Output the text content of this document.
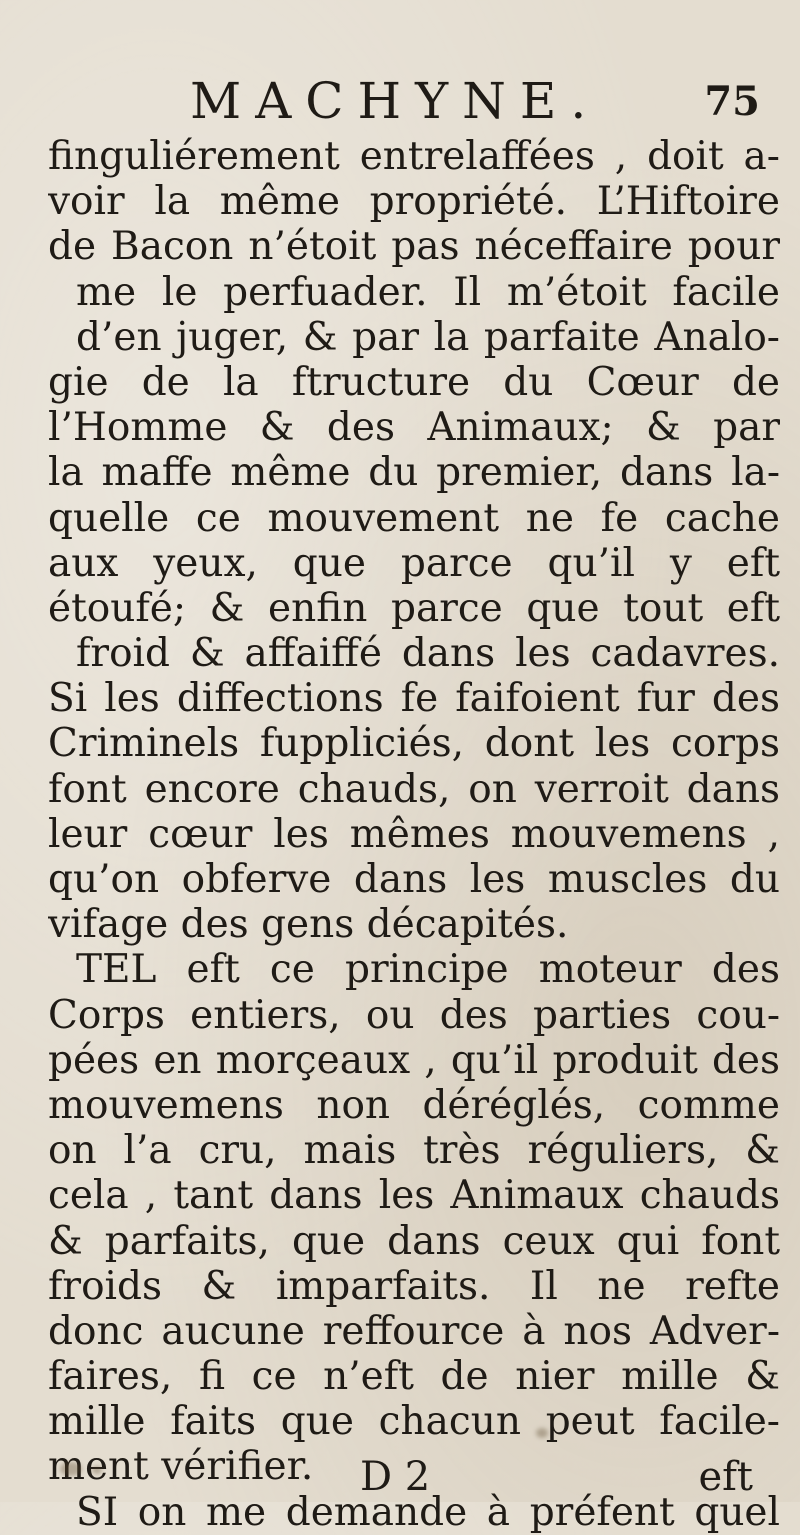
MACHYNE.	75
finguliérement entrelaffées , doit a-
voir la même propriété. L’Hiftoire
de Bacon n’étoit pas néceffaire pour
me le perfuader. Il m’étoit facile
d’en juger, & par la parfaite Analo-
gie de la ftructure du Cœur de
l’Homme & des Animaux; & par
la maffe même du premier, dans la-
quelle ce mouvement ne fe cache
aux yeux, que parce qu’il y eft
étoufé; & enfin parce que tout eft
froid & affaiffé dans les cadavres.
Si les diffections fe faifoient fur des
Criminels fuppliciés, dont les corps
font encore chauds, on verroit dans
leur cœur les mêmes mouvemens ,
qu’on obferve dans les muscles du
vifage des gens décapités.
TEL eft ce principe moteur des
Corps entiers, ou des parties cou-
pées en morçeaux , qu’il produit des
mouvemens non déréglés, comme
on l’a cru, mais très réguliers, &
cela , tant dans les Animaux chauds
& parfaits, que dans ceux qui font
froids & imparfaits. Il ne refte
donc aucune reffource à nos Adver-
faires, fi ce n’eft de nier mille &
mille faits que chacun peut facile-
ment vérifier.
SI on me demande à préfent quel
D 2	eft
